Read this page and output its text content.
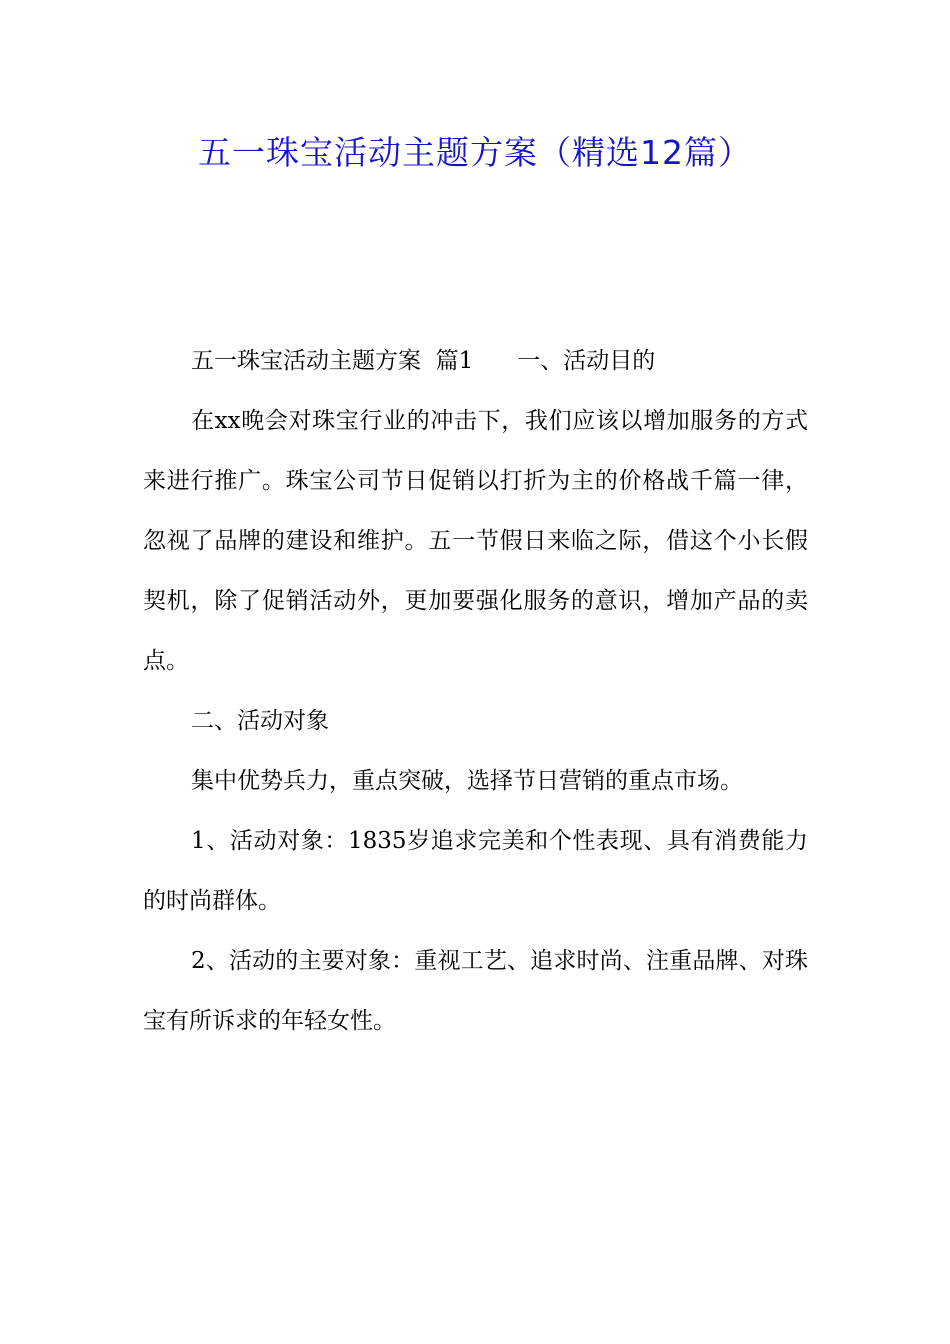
五一珠宝活动主题方案（精选12篇）

五一珠宝活动主题方案  篇1 一、活动目的

在xx晚会对珠宝行业的冲击下，我们应该以增加服务的方式来进行推广。珠宝公司节日促销以打折为主的价格战千篇一律，忽视了品牌的建设和维护。五一节假日来临之际，借这个小长假契机，除了促销活动外，更加要强化服务的意识，增加产品的卖点。

二、活动对象

集中优势兵力，重点突破，选择节日营销的重点市场。

1、活动对象：1835岁追求完美和个性表现、具有消费能力的时尚群体。

2、活动的主要对象：重视工艺、追求时尚、注重品牌、对珠宝有所诉求的年轻女性。
